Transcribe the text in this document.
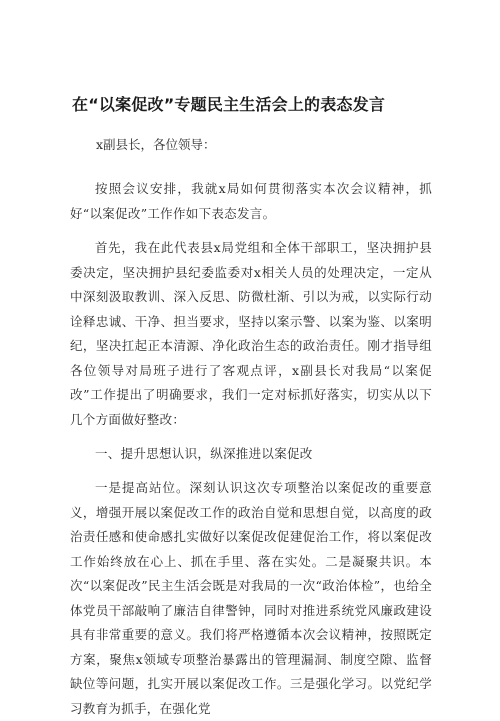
在“以案促改”专题民主生活会上的表态发言
x副县长，各位领导：

按照会议安排，我就x局如何贯彻落实本次会议精神，抓好“以案促改”工作作如下表态发言。

首先，我在此代表县x局党组和全体干部职工，坚决拥护县委决定，坚决拥护县纪委监委对x相关人员的处理决定，一定从中深刻汲取教训、深入反思、防微杜渐、引以为戒，以实际行动诠释忠诚、干净、担当要求，坚持以案示警、以案为鉴、以案明纪，坚决扛起正本清源、净化政治生态的政治责任。刚才指导组各位领导对局班子进行了客观点评，x副县长对我局“以案促改”工作提出了明确要求，我们一定对标抓好落实，切实从以下几个方面做好整改：

一、提升思想认识，纵深推进以案促改

一是提高站位。深刻认识这次专项整治以案促改的重要意义，增强开展以案促改工作的政治自觉和思想自觉，以高度的政治责任感和使命感扎实做好以案促改促建促治工作，将以案促改工作始终放在心上、抓在手里、落在实处。二是凝聚共识。本次“以案促改”民主生活会既是对我局的一次“政治体检”，也给全体党员干部敲响了廉洁自律警钟，同时对推进系统党风廉政建设具有非常重要的意义。我们将严格遵循本次会议精神，按照既定方案，聚焦x领域专项整治暴露出的管理漏洞、制度空隙、监督缺位等问题，扎实开展以案促改工作。三是强化学习。以党纪学习教育为抓手，在强化党
